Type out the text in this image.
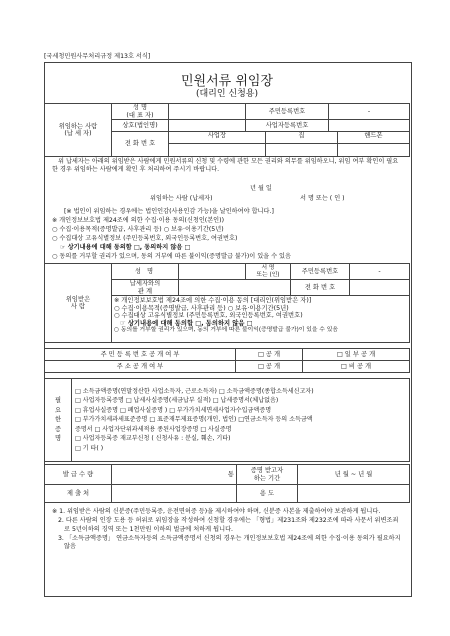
[국세청민원사무처리규정 제13호 서식]
민원서류 위임장
(대리인 신청용)
위임하는 사람
(납 세 자)	성 명
(대 표 자)		주민등록번호	-
	상호(법인명)		사업자등록번호	
	전 화 번 호	사업장 집 핸드폰		
위 납세자는 아래의 위임받은 사람에게 민원서류의 신청 및 수령에 관한 모든 권리와 의무를 위임하오니, 위임 여부 확인이 필요한 경우 위임하는 사람에게 확인 후 처리하여 주시기 바랍니다.
년 월 일
위임하는 사람 (납세자)	서 명 또는 ( 인 )
[※ 법인이 위임하는 경우에는 법인인감(사용인감 가능)을 날인하여야 합니다.]
※ 개인정보보호법 제24조에 의한 수집·이용 동의(신청인(본인))
○ 수집·이용목적(증명발급, 사후관리 등) ○ 보유·이용기간(5년)
○ 수집대상 고유식별정보 (주민등록번호, 외국인등록번호, 여권번호)
☞ 상기내용에 대해 동의함 □, 동의하지 않음 □
○ 동의를 거부할 권리가 있으며, 동의 거부에 따른 불이익(증명발급 불가)이 있을 수 있음
위임받은
사 람	성 명		서 명
또는 (인)	주민등록번호	-
	납세자와의
관 계			전 화 번 호	

	※ 개인정보보호법 제24조에 의한 수집·이용 동의 [대리인(위임받은 자)]
○ 수집·이용목적(증명발급, 사후관리 등) ○ 보유·이용기간(5년)
○ 수집대상 고유식별정보 (주민등록번호, 외국인등록번호, 여권번호)
☞ 상기내용에 대해 동의함 □, 동의하지 않음 □
○ 동의를 거부할 권리가 있으며, 동의 거부에 따른 불이익(증명발급 불가)이 있을 수 있음				
주 민 등 록 번 호 공 개 여 부	□ 공 개	□ 일 부 공 개
주 소 공 개 여 부	□ 공 개	□ 비 공 개
필
요
한
증
명	
□ 소득금액증명(연말정산한 사업소득자, 근로소득자) □ 소득금액증명(종합소득세신고자)
□ 사업자등록증명 □ 납세사실증명(세금납부 실적) □ 납세증명서(체납없음)
□ 휴업사실증명 □ 폐업사실증명 ) □ 부가가치세면세사업자수입금액증명
□ 부가가치세과세표준증명 □ 표준재무제표증명(개인, 법인) □연금소득자 등의 소득금액
증명서 □ 사업자단위과세적용 종된사업장증명 □ 사실증명
□ 사업자등록증 재교부신청 ( 신청사유 : 분실, 훼손, 기타)
□ 기 타( )
발 급 수 량	통	증명 받고자
하는 기간	년 월 ~ 년 월
제 출 처		용 도	
※ 1. 위임받은 사람의 신분증(주민등록증, 운전면허증 등)을 제시하여야 하며, 신분증 사본을 제출하여야 보관하게 됩니다.
2. 다른 사람의 인장 도용 등 허위로 위임장을 작성하여 신청할 경우에는 「형법」제231조와 제232조에 따라 사문서 위변조죄로 5년이하의 징역 또는 1천만원 이하의 벌금에 처하게 됩니다.
3. 「소득금액증명」 연금소득자등의 소득금액증명서 신청의 경우는 개인정보보호법 제24조에 의한 수집·이용 동의가 필요하지 않음
